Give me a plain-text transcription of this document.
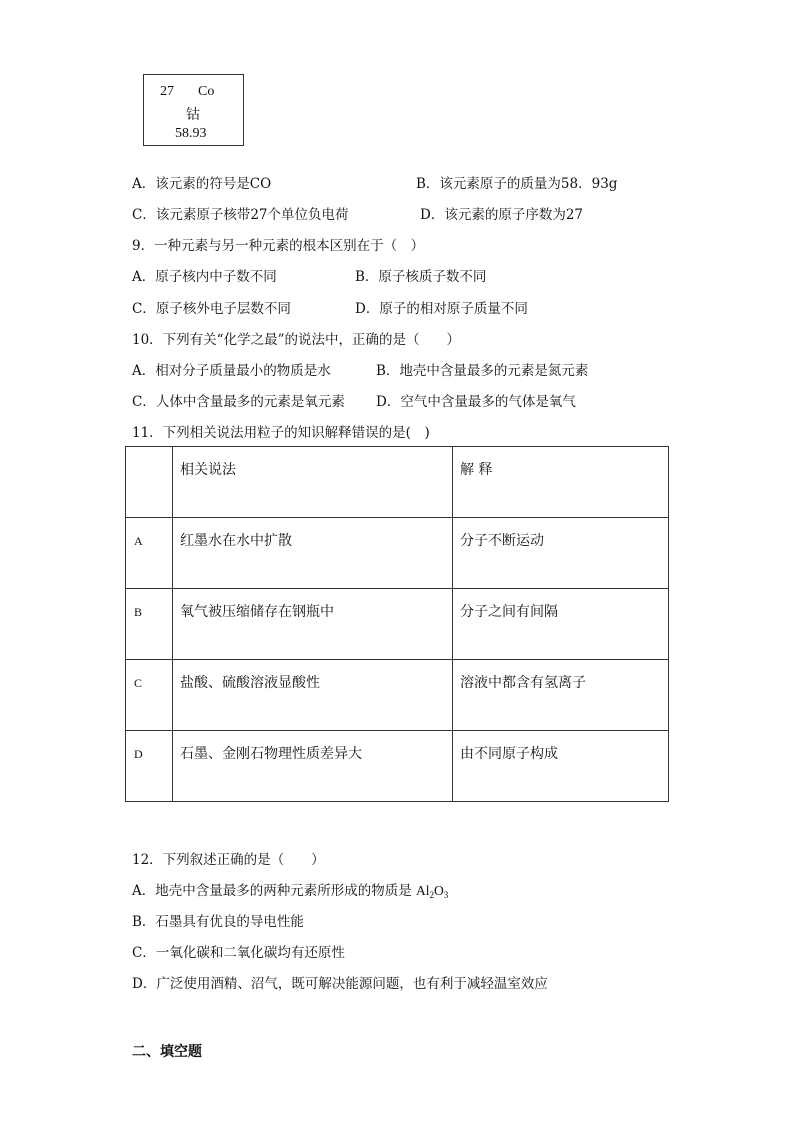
27 Co
钴
58.93
A．该元素的符号是CO	B．该元素原子的质量为58．93g
C．该元素原子核带27个单位负电荷	D．该元素的原子序数为27
9．一种元素与另一种元素的根本区别在于（　）
A．原子核内中子数不同	B．原子核质子数不同
C．原子核外电子层数不同	D．原子的相对原子质量不同
10．下列有关“化学之最”的说法中，正确的是（　　）
A．相对分子质量最小的物质是水	B．地壳中含量最多的元素是氮元素
C．人体中含量最多的元素是氧元素 D．空气中含量最多的气体是氧气
11．下列相关说法用粒子的知识解释错误的是(　)
	相关说法	解 释
A	红墨水在水中扩散	分子不断运动
B	氧气被压缩储存在钢瓶中	分子之间有间隔
C	盐酸、硫酸溶液显酸性	溶液中都含有氢离子
D	石墨、金刚石物理性质差异大	由不同原子构成
12．下列叙述正确的是（　　）
A．地壳中含量最多的两种元素所形成的物质是 $Al_2O_3$
B．石墨具有优良的导电性能
C．一氧化碳和二氧化碳均有还原性
D．广泛使用酒精、沼气，既可解决能源问题，也有利于减轻温室效应
二、填空题
